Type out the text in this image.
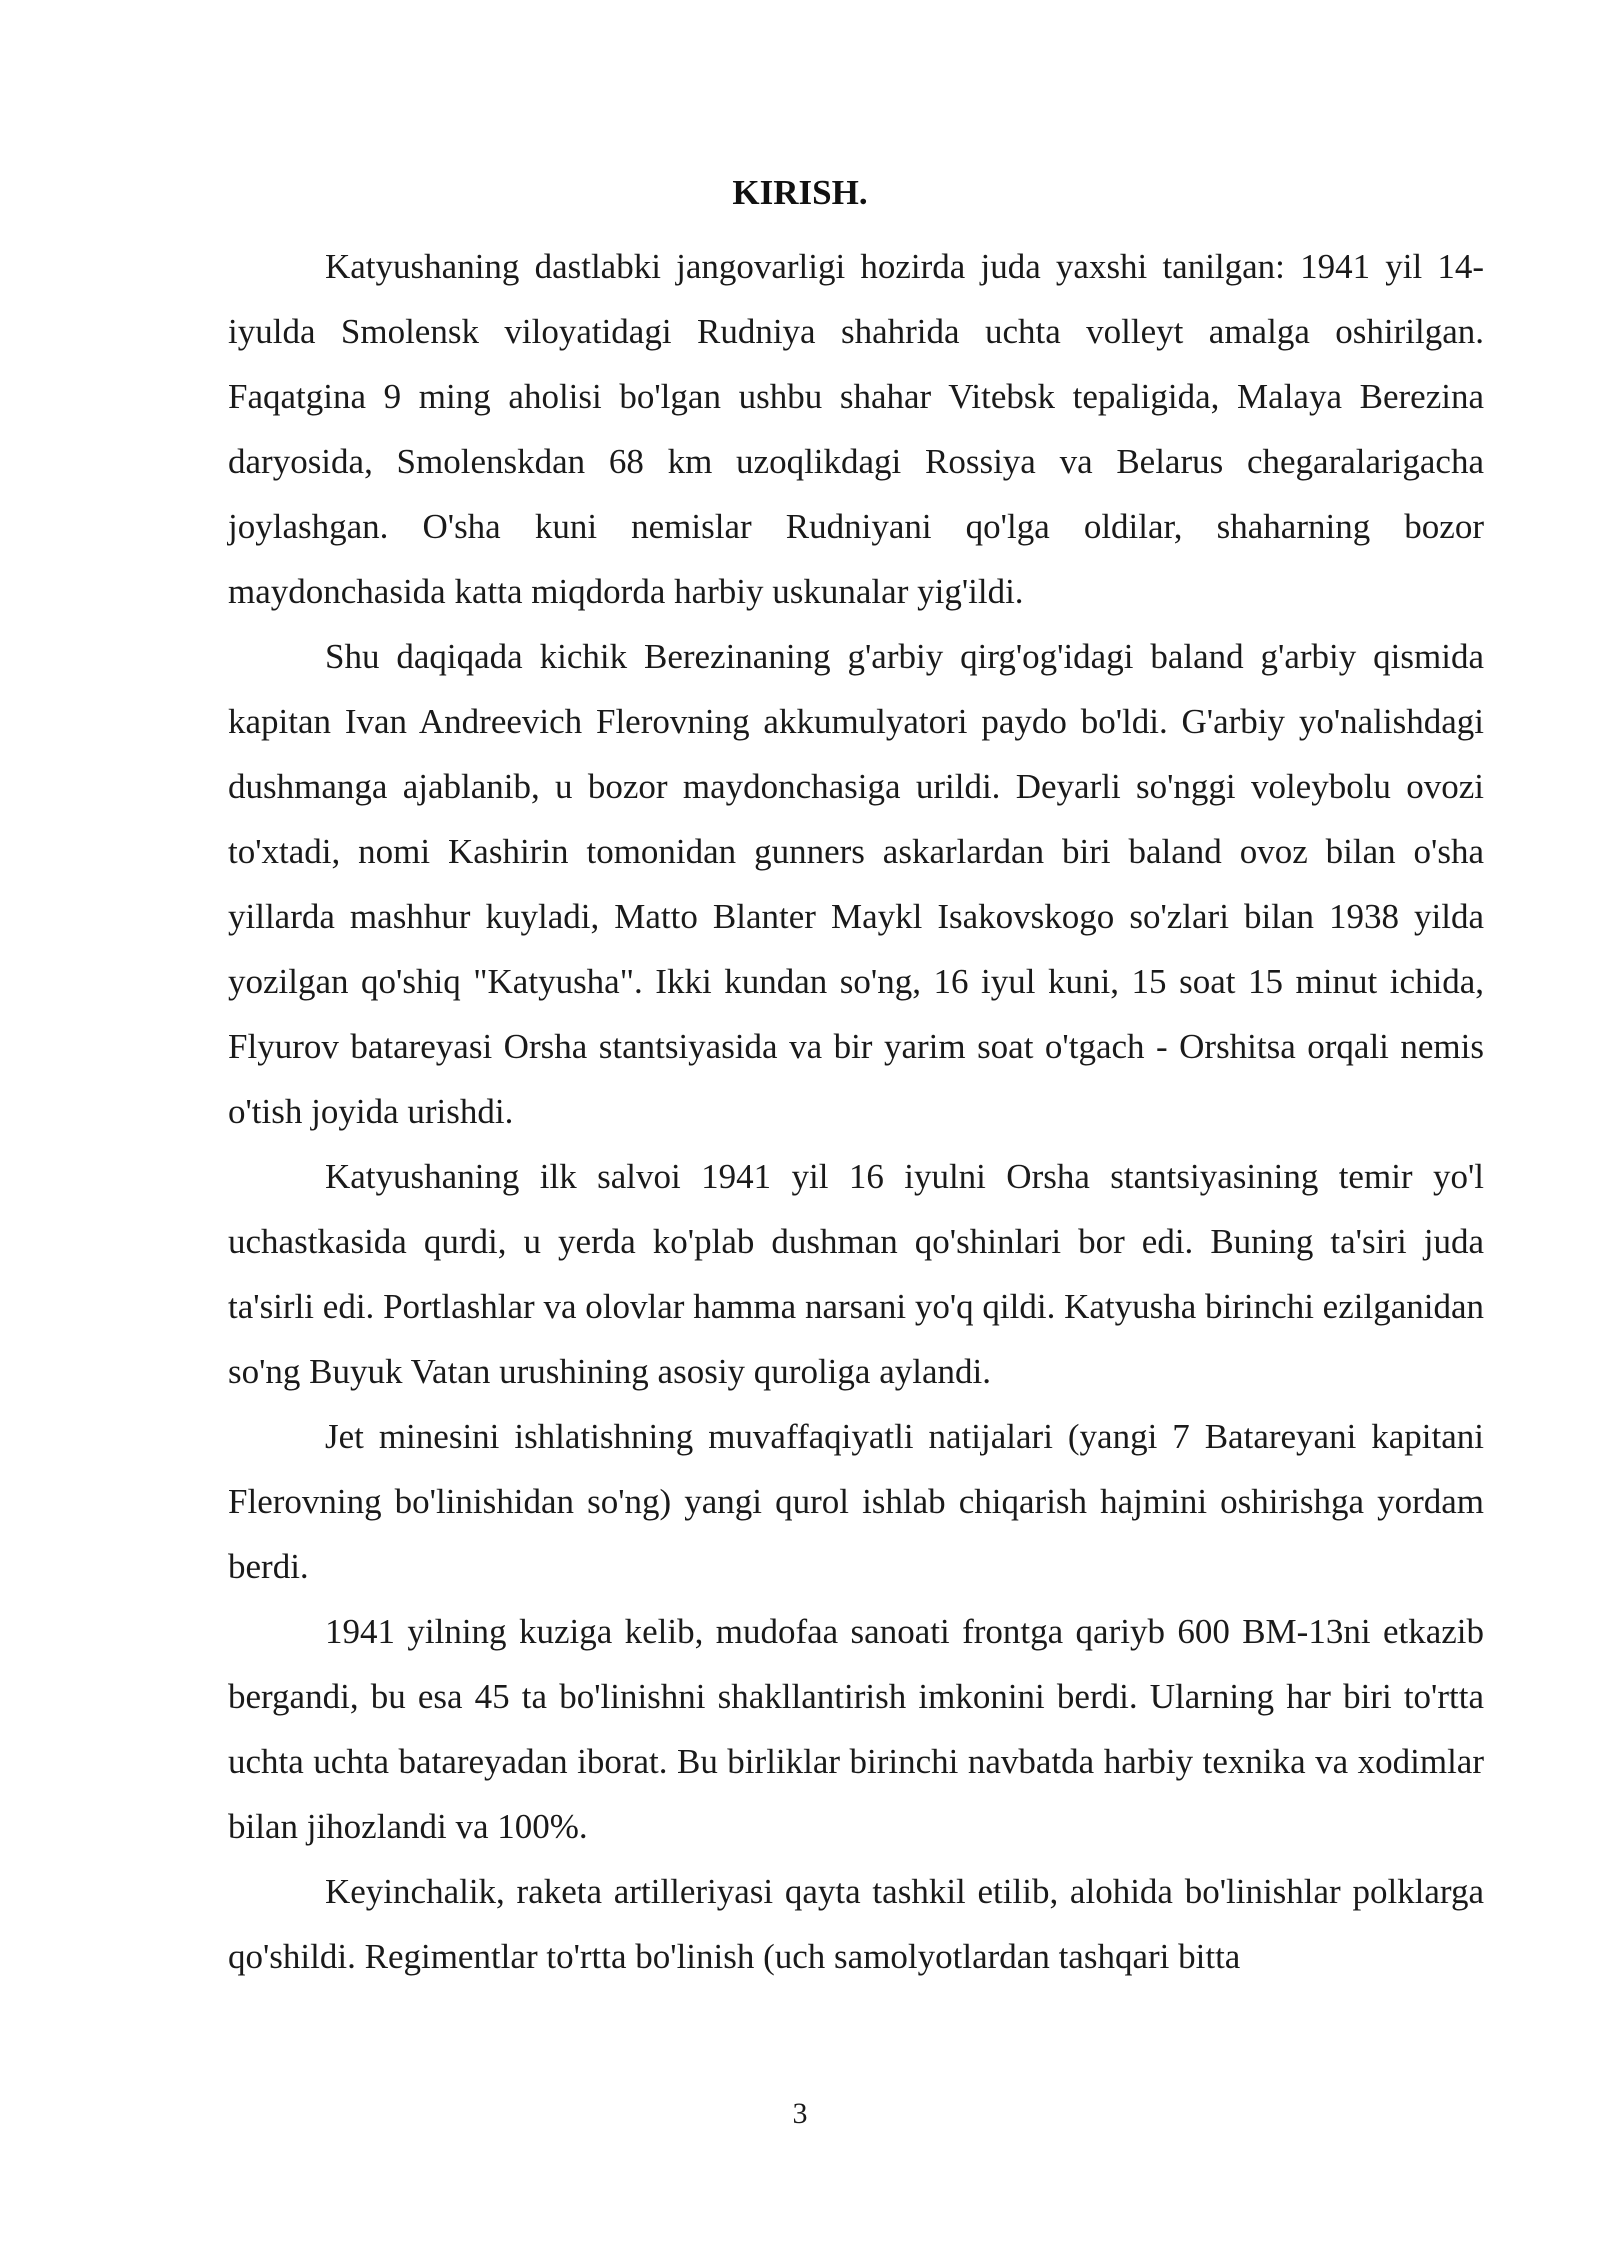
KIRISH.

Katyushaning dastlabki jangovarligi hozirda juda yaxshi tanilgan: 1941 yil 14-iyulda Smolensk viloyatidagi Rudniya shahrida uchta volleyt amalga oshirilgan. Faqatgina 9 ming aholisi bo'lgan ushbu shahar Vitebsk tepaligida, Malaya Berezina daryosida, Smolenskdan 68 km uzoqlikdagi Rossiya va Belarus chegaralarigacha joylashgan. O'sha kuni nemislar Rudniyani qo'lga oldilar, shaharning bozor maydonchasida katta miqdorda harbiy uskunalar yig'ildi.

Shu daqiqada kichik Berezinaning g'arbiy qirg'og'idagi baland g'arbiy qismida kapitan Ivan Andreevich Flerovning akkumulyatori paydo bo'ldi. G'arbiy yo'nalishdagi dushmanga ajablanib, u bozor maydonchasiga urildi. Deyarli so'nggi voleybolu ovozi to'xtadi, nomi Kashirin tomonidan gunners askarlardan biri baland ovoz bilan o'sha yillarda mashhur kuyladi, Matto Blanter Maykl Isakovskogo so'zlari bilan 1938 yilda yozilgan qo'shiq "Katyusha". Ikki kundan so'ng, 16 iyul kuni, 15 soat 15 minut ichida, Flyurov batareyasi Orsha stantsiyasida va bir yarim soat o'tgach - Orshitsa orqali nemis o'tish joyida urishdi.

Katyushaning ilk salvoi 1941 yil 16 iyulni Orsha stantsiyasining temir yo'l uchastkasida qurdi, u yerda ko'plab dushman qo'shinlari bor edi. Buning ta'siri juda ta'sirli edi. Portlashlar va olovlar hamma narsani yo'q qildi. Katyusha birinchi ezilganidan so'ng Buyuk Vatan urushining asosiy quroliga aylandi.

Jet minesini ishlatishning muvaffaqiyatli natijalari (yangi 7 Batareyani kapitani Flerovning bo'linishidan so'ng) yangi qurol ishlab chiqarish hajmini oshirishga yordam berdi.

1941 yilning kuziga kelib, mudofaa sanoati frontga qariyb 600 BM-13ni etkazib bergandi, bu esa 45 ta bo'linishni shakllantirish imkonini berdi. Ularning har biri to'rtta uchta uchta batareyadan iborat. Bu birliklar birinchi navbatda harbiy texnika va xodimlar bilan jihozlandi va 100%.

Keyinchalik, raketa artilleriyasi qayta tashkil etilib, alohida bo'linishlar polklarga qo'shildi. Regimentlar to'rtta bo'linish (uch samolyotlardan tashqari bitta

3
